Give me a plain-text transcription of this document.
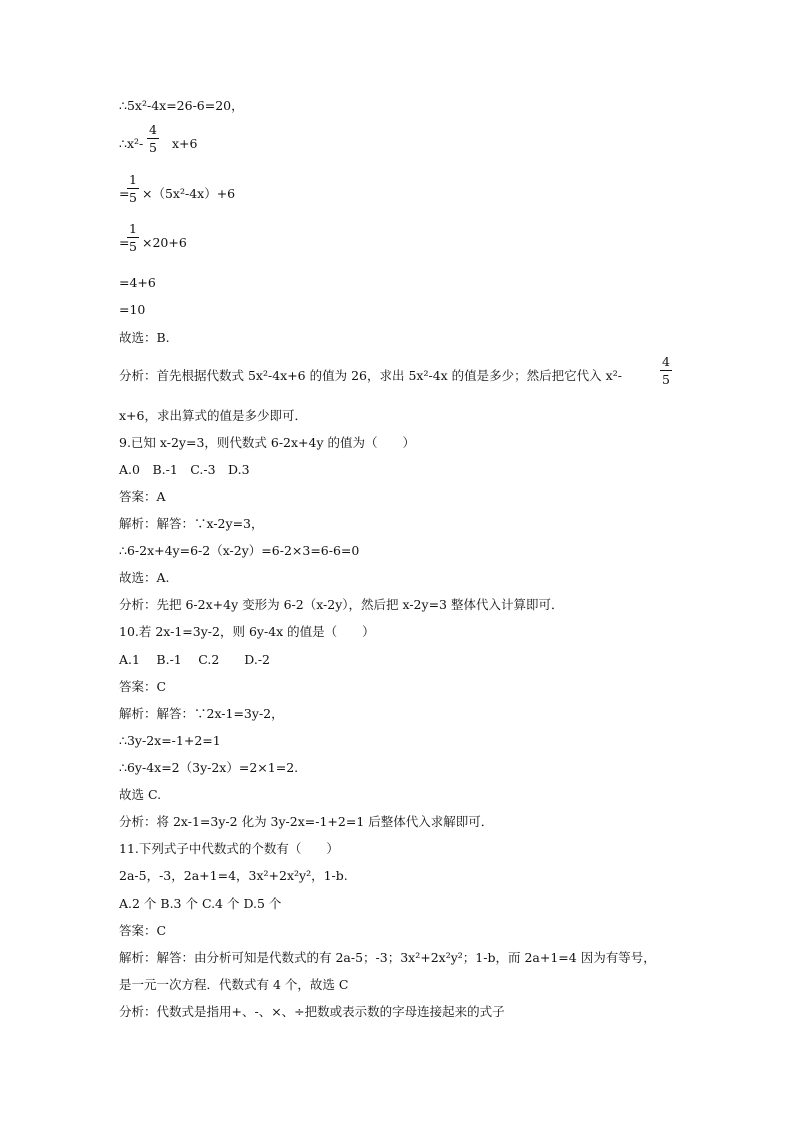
∴5x²-4x=26-6=20，
∴x²-
4
5 x+6
=
1
5 ×（5x²-4x）+6
=
1
5 ×20+6
=4+6
=10
故选：B.
分析：首先根据代数式 5x²-4x+6 的值为 26，求出 5x²-4x 的值是多少；然后把它代入 x²-
4
5
x+6，求出算式的值是多少即可．
9.已知 x-2y=3，则代数式 6-2x+4y 的值为（　　）
A.0　B.-1　C.-3　D.3
答案：A
解析：解答：∵x-2y=3，
∴6-2x+4y=6-2（x-2y）=6-2×3=6-6=0
故选：A.
分析：先把 6-2x+4y 变形为 6-2（x-2y），然后把 x-2y=3 整体代入计算即可．
10.若 2x-1=3y-2，则 6y-4x 的值是（　　）
A.1　 B.-1　 C.2　　D.-2
答案：C
解析：解答：∵2x-1=3y-2，
∴3y-2x=-1+2=1
∴6y-4x=2（3y-2x）=2×1=2.
故选 C.
分析：将 2x-1=3y-2 化为 3y-2x=-1+2=1 后整体代入求解即可．
11.下列式子中代数式的个数有（　　）
2a-5，-3，2a+1=4，3x²+2x²y²，1-b.
A.2 个 B.3 个 C.4 个 D.5 个
答案：C
解析：解答：由分析可知是代数式的有 2a-5；-3；3x²+2x²y²；1-b，而 2a+1=4 因为有等号，
是一元一次方程．代数式有 4 个，故选 C
分析：代数式是指用+、-、×、÷把数或表示数的字母连接起来的式子
